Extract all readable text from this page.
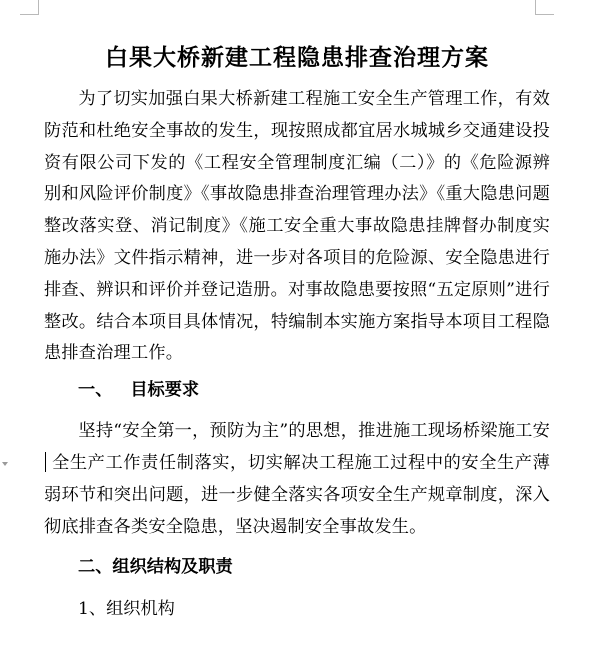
白果大桥新建工程隐患排查治理方案

为了切实加强白果大桥新建工程施工安全生产管理工作，有效防范和杜绝安全事故的发生，现按照成都宜居水城城乡交通建设投资有限公司下发的《工程安全管理制度汇编（二）》的《危险源辨别和风险评价制度》《事故隐患排查治理管理办法》《重大隐患问题整改落实登、消记制度》《施工安全重大事故隐患挂牌督办制度实施办法》文件指示精神，进一步对各项目的危险源、安全隐患进行排查、辨识和评价并登记造册。对事故隐患要按照“五定原则”进行整改。结合本项目具体情况，特编制本实施方案指导本项目工程隐患排查治理工作。

一、 目标要求

坚持“安全第一，预防为主”的思想，推进施工现场桥梁施工安 全生产工作责任制落实，切实解决工程施工过程中的安全生产薄弱环节和突出问题，进一步健全落实各项安全生产规章制度，深入彻底排查各类安全隐患，坚决遏制安全事故发生。

二、组织结构及职责

1、组织机构
